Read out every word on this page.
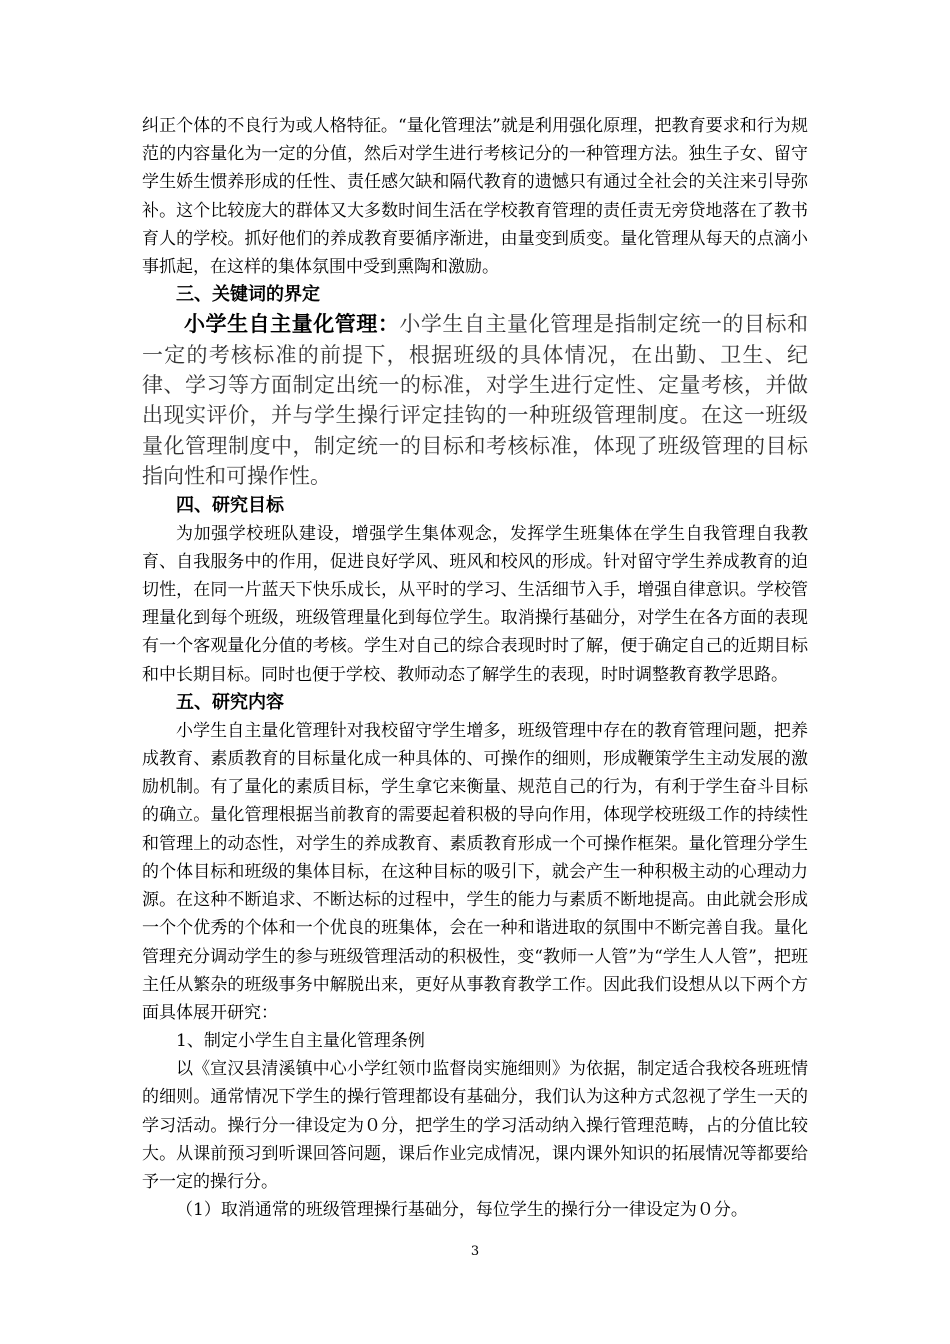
纠正个体的不良行为或人格特征。“量化管理法”就是利用强化原理，把教育要求和行为规范的内容量化为一定的分值，然后对学生进行考核记分的一种管理方法。独生子女、留守学生娇生惯养形成的任性、责任感欠缺和隔代教育的遗憾只有通过全社会的关注来引导弥补。这个比较庞大的群体又大多数时间生活在学校教育管理的责任责无旁贷地落在了教书育人的学校。抓好他们的养成教育要循序渐进，由量变到质变。量化管理从每天的点滴小事抓起，在这样的集体氛围中受到熏陶和激励。

三、关键词的界定

小学生自主量化管理：小学生自主量化管理是指制定统一的目标和一定的考核标准的前提下，根据班级的具体情况，在出勤、卫生、纪律、学习等方面制定出统一的标准，对学生进行定性、定量考核，并做出现实评价，并与学生操行评定挂钩的一种班级管理制度。在这一班级量化管理制度中，制定统一的目标和考核标准，体现了班级管理的目标指向性和可操作性。

四、研究目标

为加强学校班队建设，增强学生集体观念，发挥学生班集体在学生自我管理自我教育、自我服务中的作用，促进良好学风、班风和校风的形成。针对留守学生养成教育的迫切性，在同一片蓝天下快乐成长，从平时的学习、生活细节入手，增强自律意识。学校管理量化到每个班级，班级管理量化到每位学生。取消操行基础分，对学生在各方面的表现有一个客观量化分值的考核。学生对自己的综合表现时时了解，便于确定自己的近期目标和中长期目标。同时也便于学校、教师动态了解学生的表现，时时调整教育教学思路。

五、研究内容

小学生自主量化管理针对我校留守学生增多，班级管理中存在的教育管理问题，把养成教育、素质教育的目标量化成一种具体的、可操作的细则，形成鞭策学生主动发展的激励机制。有了量化的素质目标，学生拿它来衡量、规范自己的行为，有利于学生奋斗目标的确立。量化管理根据当前教育的需要起着积极的导向作用，体现学校班级工作的持续性和管理上的动态性，对学生的养成教育、素质教育形成一个可操作框架。量化管理分学生的个体目标和班级的集体目标，在这种目标的吸引下，就会产生一种积极主动的心理动力源。在这种不断追求、不断达标的过程中，学生的能力与素质不断地提高。由此就会形成一个个优秀的个体和一个优良的班集体，会在一种和谐进取的氛围中不断完善自我。量化管理充分调动学生的参与班级管理活动的积极性，变“教师一人管”为“学生人人管”，把班主任从繁杂的班级事务中解脱出来，更好从事教育教学工作。因此我们设想从以下两个方面具体展开研究：

1、制定小学生自主量化管理条例

以《宣汉县清溪镇中心小学红领巾监督岗实施细则》为依据，制定适合我校各班班情的细则。通常情况下学生的操行管理都设有基础分，我们认为这种方式忽视了学生一天的学习活动。操行分一律设定为０分，把学生的学习活动纳入操行管理范畴，占的分值比较大。从课前预习到听课回答问题，课后作业完成情况，课内课外知识的拓展情况等都要给予一定的操行分。

（1）取消通常的班级管理操行基础分，每位学生的操行分一律设定为０分。

3
